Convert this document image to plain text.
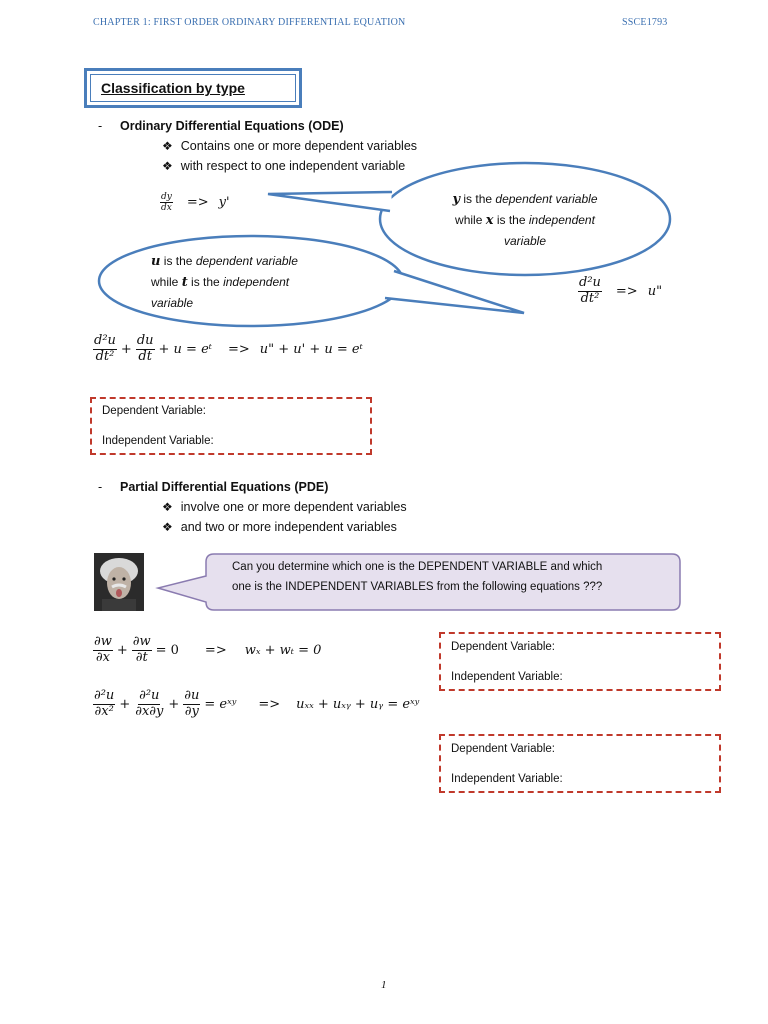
CHAPTER 1: FIRST ORDER ORDINARY DIFFERENTIAL EQUATION	SSCE1793
Classification by type
- Ordinary Differential Equations (ODE)
❖ Contains one or more dependent variables
❖ with respect to one independent variable
y is the dependent variable
while x is the independent
variable
u is the dependent variable
while t is the independent
variable
$\frac{dy}{dx} => y'$
$\frac{\text{d²u}}{\text{dt²}} => u$"
$\frac{\text{d²u}}{\text{dt²}} + \frac{du}{dt} + u$ = eᵗ => u" + u' + u = eᵗ
Dependent Variable:
Independent Variable:
- Partial Differential Equations (PDE)
❖ involve one or more dependent variables
❖ and two or more independent variables
Can you determine which one is the DEPENDENT VARIABLE and which
one is the INDEPENDENT VARIABLES from the following equations ???
$\frac{\partial w}{\partial x} + \frac{\partial w}{\partial t} = 0 => w_x + w_t = 0$
$\frac{\text{∂²u}}{\text{∂x²}} + \frac{\text{∂²u}}{\partial x\partial y} + \frac{\partial u}{\partial y}$ = eˣʸ => uₓₓ + uₓᵧ + uᵧ = eˣʸ
Dependent Variable:
Independent Variable:
Dependent Variable:
Independent Variable:
1
